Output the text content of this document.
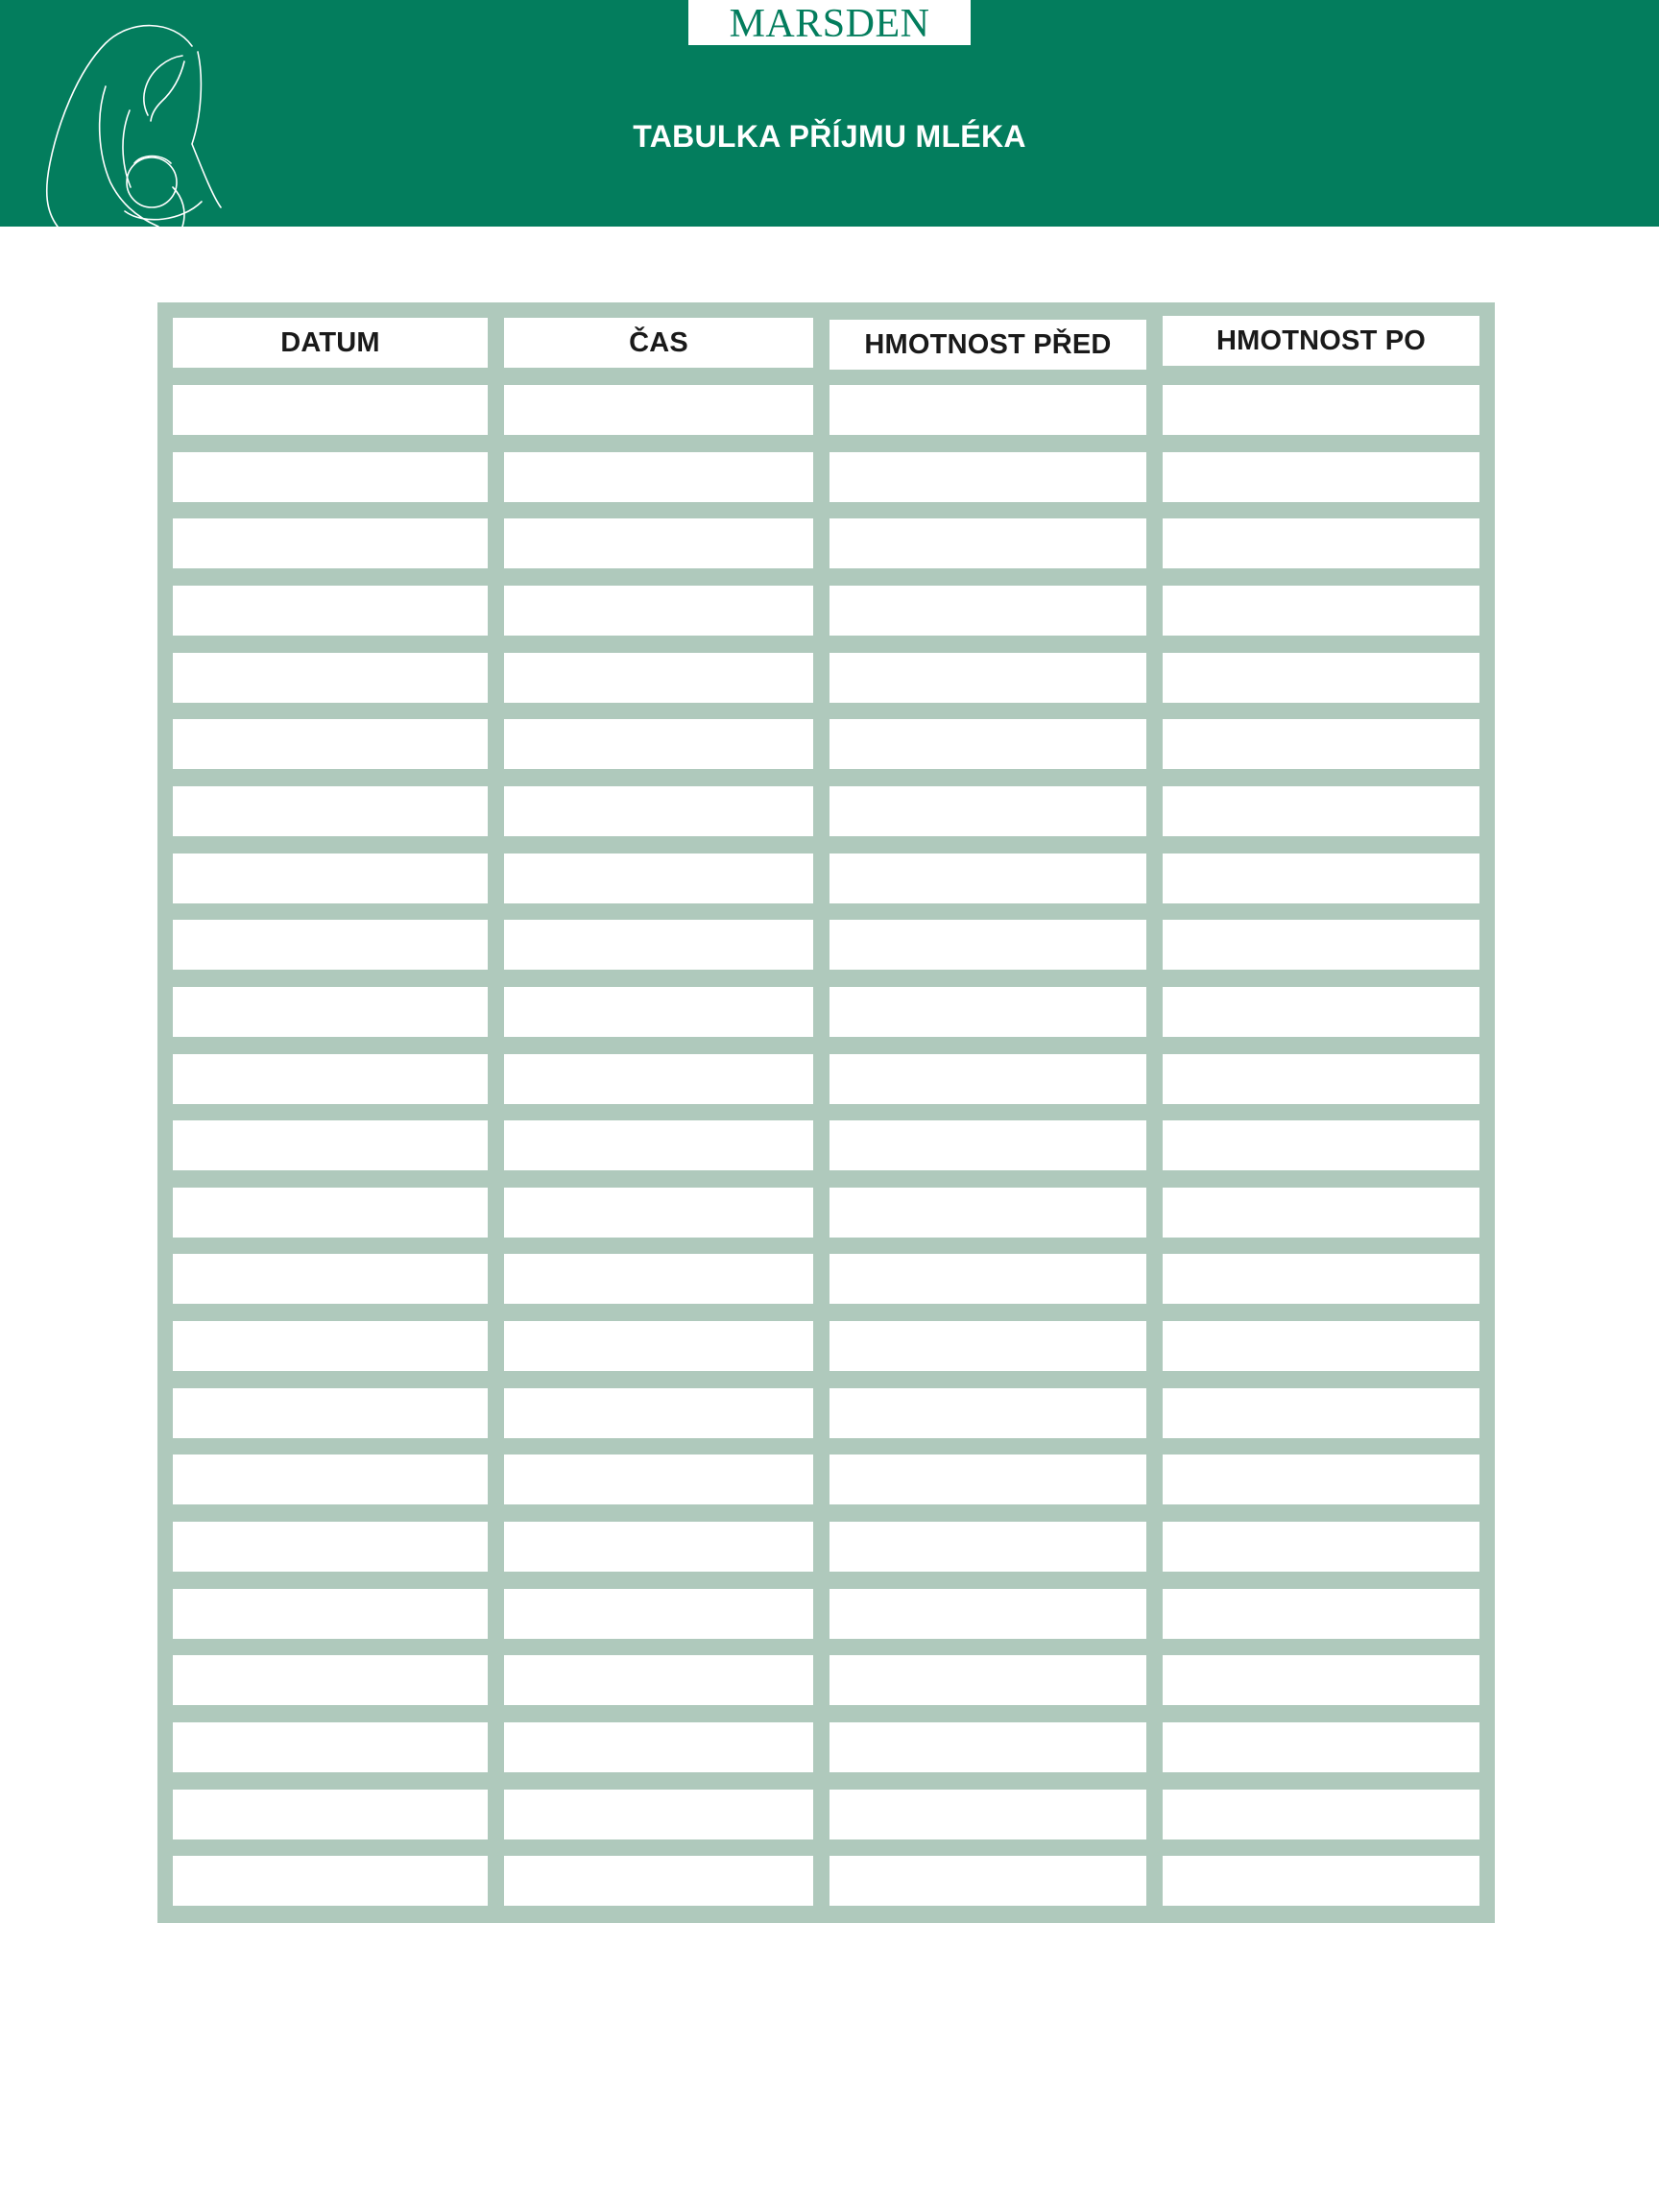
MARSDEN
TABULKA PŘÍJMU MLÉKA
DATUM	ČAS	HMOTNOST PŘED	HMOTNOST PO
